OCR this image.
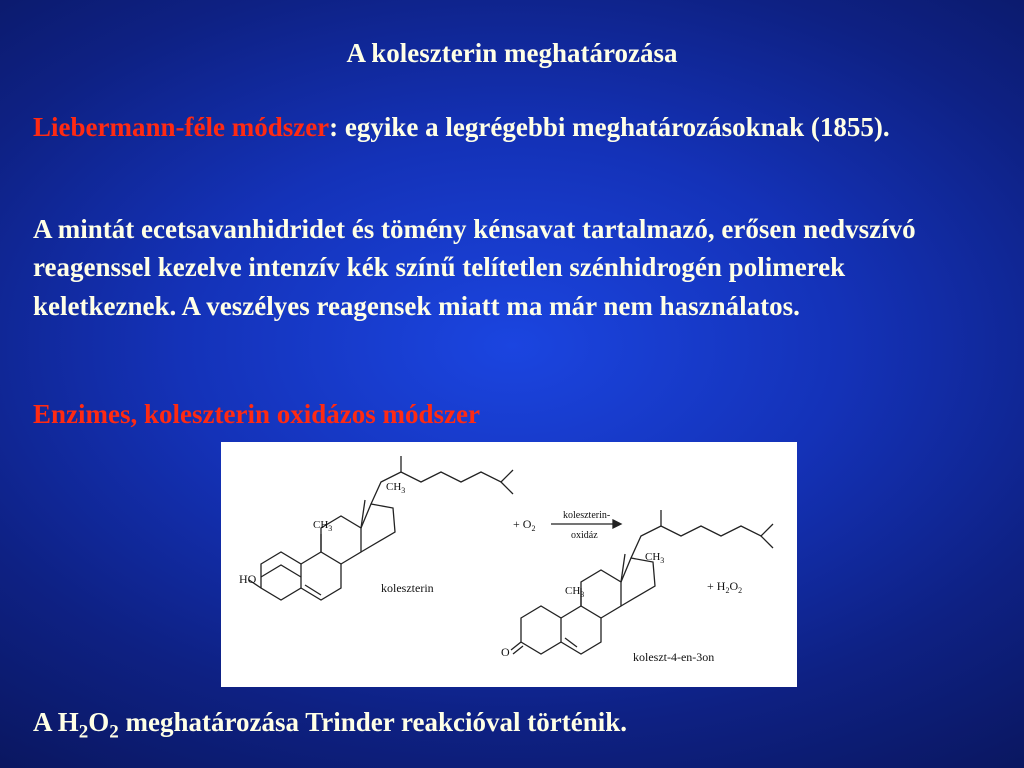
A koleszterin meghatározása

Liebermann-féle módszer: egyike a legrégebbi meghatározásoknak (1855).

A mintát ecetsavanhidridet és tömény kénsavat tartalmazó, erősen nedvszívó reagenssel kezelve intenzív kék színű telítetlen szénhidrogén polimerek keletkeznek. A veszélyes reagensek miatt ma már nem használatos.

Enzimes, koleszterin oxidázos módszer

HO
$CH_3$
$CH_3$
koleszterin
+ $O_2$
koleszterin-
oxidáz
$CH_3$
$CH_3$
+ $H_2O_2$
O	koleszt-4-en-3on

A $H_2O_2$ meghatározása Trinder reakcióval történik.
